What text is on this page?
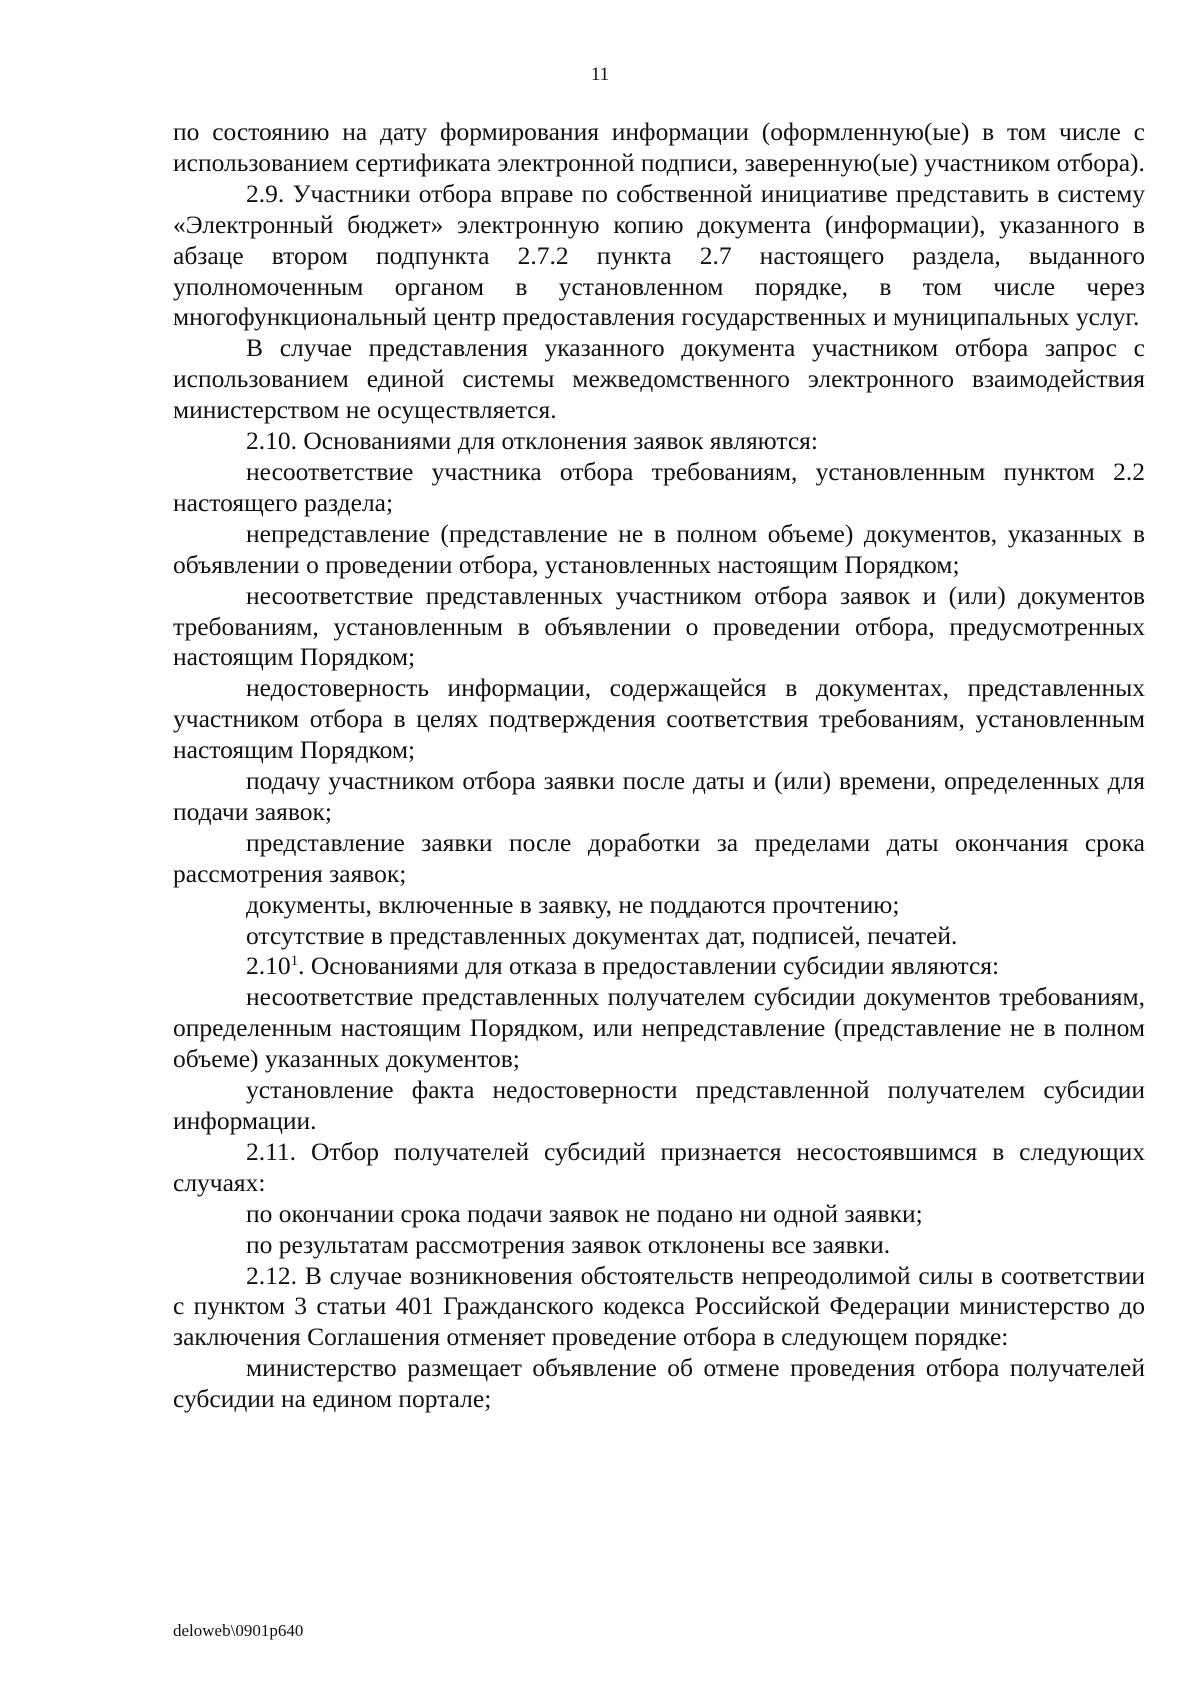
11

по состоянию на дату формирования информации (оформленную(ые) в том числе с использованием сертификата электронной подписи, заверенную(ые) участником отбора).

2.9. Участники отбора вправе по собственной инициативе представить в систему «Электронный бюджет» электронную копию документа (информации), указанного в абзаце втором подпункта 2.7.2 пункта 2.7 настоящего раздела, выданного уполномоченным органом в установленном порядке, в том числе через многофункциональный центр предоставления государственных и муниципальных услуг.

В случае представления указанного документа участником отбора запрос с использованием единой системы межведомственного электронного взаимодействия министерством не осуществляется.

2.10. Основаниями для отклонения заявок являются:

несоответствие участника отбора требованиям, установленным пунктом 2.2 настоящего раздела;

непредставление (представление не в полном объеме) документов, указанных в объявлении о проведении отбора, установленных настоящим Порядком;

несоответствие представленных участником отбора заявок и (или) документов требованиям, установленным в объявлении о проведении отбора, предусмотренных настоящим Порядком;

недостоверность информации, содержащейся в документах, представленных участником отбора в целях подтверждения соответствия требованиям, установленным настоящим Порядком;

подачу участником отбора заявки после даты и (или) времени, определенных для подачи заявок;

представление заявки после доработки за пределами даты окончания срока рассмотрения заявок;

документы, включенные в заявку, не поддаются прочтению;

отсутствие в представленных документах дат, подписей, печатей.

2.10$^1$. Основаниями для отказа в предоставлении субсидии являются:

несоответствие представленных получателем субсидии документов требованиям, определенным настоящим Порядком, или непредставление (представление не в полном объеме) указанных документов;

установление факта недостоверности представленной получателем субсидии информации.

2.11. Отбор получателей субсидий признается несостоявшимся в следующих случаях:

по окончании срока подачи заявок не подано ни одной заявки;

по результатам рассмотрения заявок отклонены все заявки.

2.12. В случае возникновения обстоятельств непреодолимой силы в соответствии с пунктом 3 статьи 401 Гражданского кодекса Российской Федерации министерство до заключения Соглашения отменяет проведение отбора в следующем порядке:

министерство размещает объявление об отмене проведения отбора получателей субсидии на едином портале;

deloweb\0901p640
